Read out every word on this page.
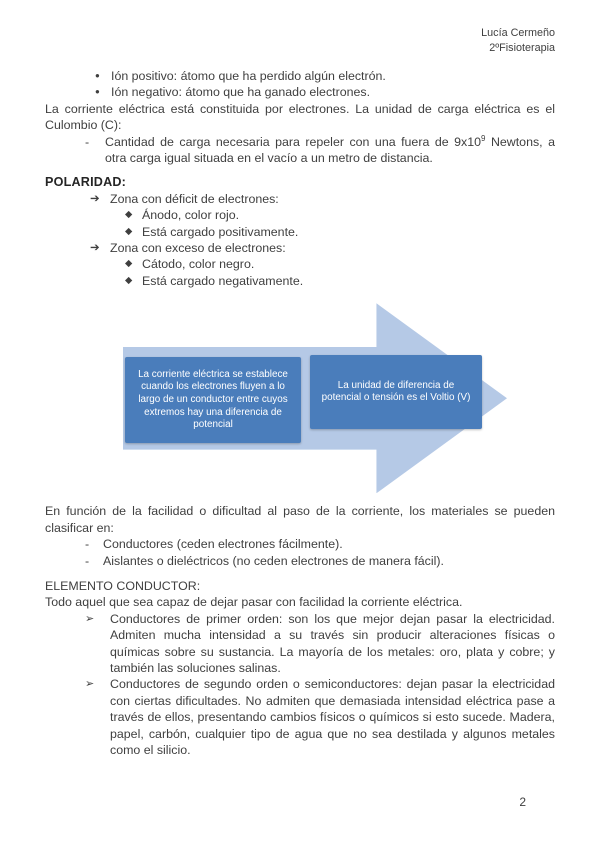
Lucía Cermeño
2ºFisioterapia
● Ión positivo: átomo que ha perdido algún electrón.
● Ión negativo: átomo que ha ganado electrones.

La corriente eléctrica está constituida por electrones. La unidad de carga eléctrica es el Culombio (C):

-	Cantidad de carga necesaria para repeler con una fuera de $9x10^9$ Newtons, a otra carga igual situada en el vacío a un metro de distancia.
POLARIDAD:
➔ Zona con déficit de electrones:
◆ Ánodo, color rojo.
◆ Está cargado positivamente.
➔ Zona con exceso de electrones:
◆ Cátodo, color negro.
◆ Está cargado negativamente.
La corriente eléctrica se establece cuando los electrones fluyen a lo largo de un conductor entre cuyos extremos hay una diferencia de potencial
La unidad de diferencia de potencial o tensión es el Voltio (V)

En función de la facilidad o dificultad al paso de la corriente, los materiales se pueden clasificar en:

-	Conductores (ceden electrones fácilmente).
-	Aislantes o dieléctricos (no ceden electrones de manera fácil).
ELEMENTO CONDUCTOR:

Todo aquel que sea capaz de dejar pasar con facilidad la corriente eléctrica.

➢	Conductores de primer orden: son los que mejor dejan pasar la electricidad. Admiten mucha intensidad a su través sin producir alteraciones físicas o químicas sobre su sustancia. La mayoría de los metales: oro, plata y cobre; y también las soluciones salinas.
➢	Conductores de segundo orden o semiconductores: dejan pasar la electricidad con ciertas dificultades. No admiten que demasiada intensidad eléctrica pase a través de ellos, presentando cambios físicos o químicos si esto sucede. Madera, papel, carbón, cualquier tipo de agua que no sea destilada y algunos metales como el silicio.
2
